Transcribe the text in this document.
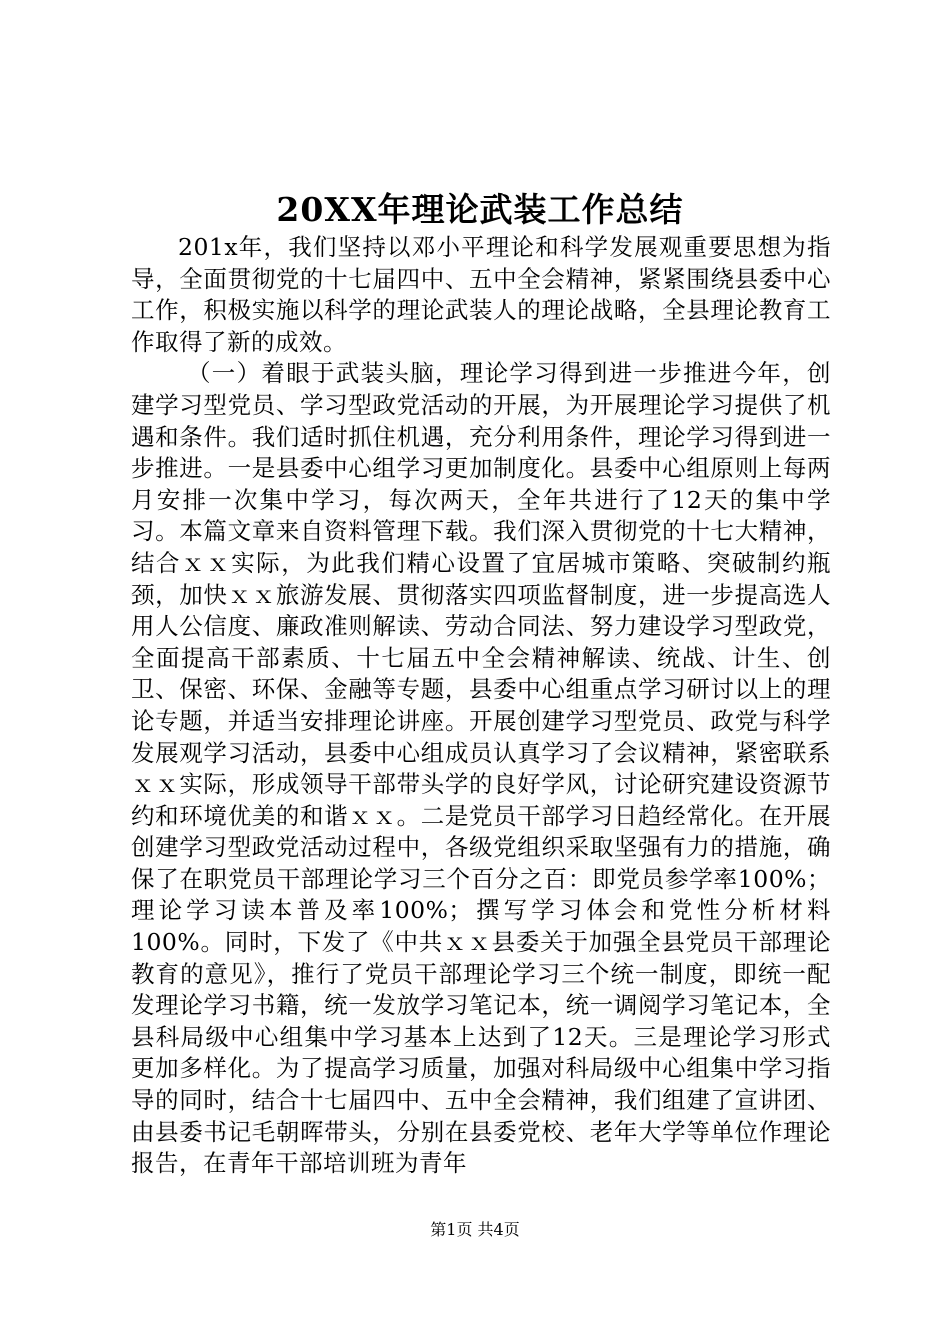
20XX年理论武装工作总结

201x年，我们坚持以邓小平理论和科学发展观重要思想为指导，全面贯彻党的十七届四中、五中全会精神，紧紧围绕县委中心工作，积极实施以科学的理论武装人的理论战略，全县理论教育工作取得了新的成效。

（一）着眼于武装头脑，理论学习得到进一步推进今年，创建学习型党员、学习型政党活动的开展，为开展理论学习提供了机遇和条件。我们适时抓住机遇，充分利用条件，理论学习得到进一步推进。一是县委中心组学习更加制度化。县委中心组原则上每两月安排一次集中学习，每次两天，全年共进行了12天的集中学习。本篇文章来自资料管理下载。我们深入贯彻党的十七大精神，结合ｘｘ实际，为此我们精心设置了宜居城市策略、突破制约瓶颈，加快ｘｘ旅游发展、贯彻落实四项监督制度，进一步提高选人用人公信度、廉政准则解读、劳动合同法、努力建设学习型政党，全面提高干部素质、十七届五中全会精神解读、统战、计生、创卫、保密、环保、金融等专题，县委中心组重点学习研讨以上的理论专题，并适当安排理论讲座。开展创建学习型党员、政党与科学发展观学习活动，县委中心组成员认真学习了会议精神，紧密联系ｘｘ实际，形成领导干部带头学的良好学风，讨论研究建设资源节约和环境优美的和谐ｘｘ。二是党员干部学习日趋经常化。在开展创建学习型政党活动过程中，各级党组织采取坚强有力的措施，确保了在职党员干部理论学习三个百分之百：即党员参学率100%；理论学习读本普及率100%；撰写学习体会和党性分析材料100%。同时，下发了《中共ｘｘ县委关于加强全县党员干部理论教育的意见》，推行了党员干部理论学习三个统一制度，即统一配发理论学习书籍，统一发放学习笔记本，统一调阅学习笔记本，全县科局级中心组集中学习基本上达到了12天。三是理论学习形式更加多样化。为了提高学习质量，加强对科局级中心组集中学习指导的同时，结合十七届四中、五中全会精神，我们组建了宣讲团、由县委书记毛朝晖带头，分别在县委党校、老年大学等单位作理论报告，在青年干部培训班为青年

第1页 共4页
